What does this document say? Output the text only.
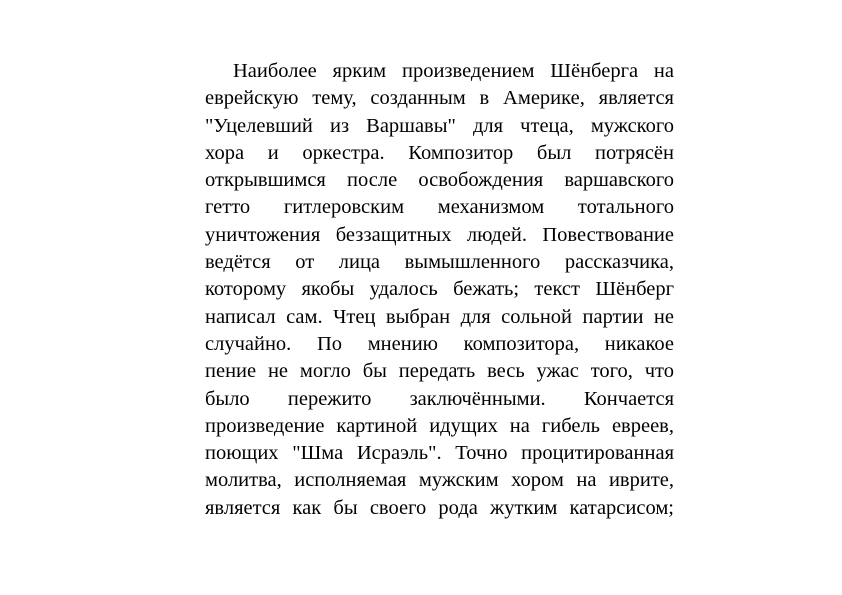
Наиболее ярким произведением Шёнберга на
еврейскую тему, созданным в Америке, является
"Уцелевший из Варшавы" для чтеца, мужского
хора и оркестра. Композитор был потрясён
открывшимся после освобождения варшавского
гетто гитлеровским механизмом тотального
уничтожения беззащитных людей. Повествование
ведётся от лица вымышленного рассказчика,
которому якобы удалось бежать; текст Шёнберг
написал сам. Чтец выбран для сольной партии не
случайно. По мнению композитора, никакое
пение не могло бы передать весь ужас того, что
было пережито заключёнными. Кончается
произведение картиной идущих на гибель евреев,
поющих "Шма Исраэль". Точно процитированная
молитва, исполняемая мужским хором на иврите,
является как бы своего рода жутким катарсисом;
